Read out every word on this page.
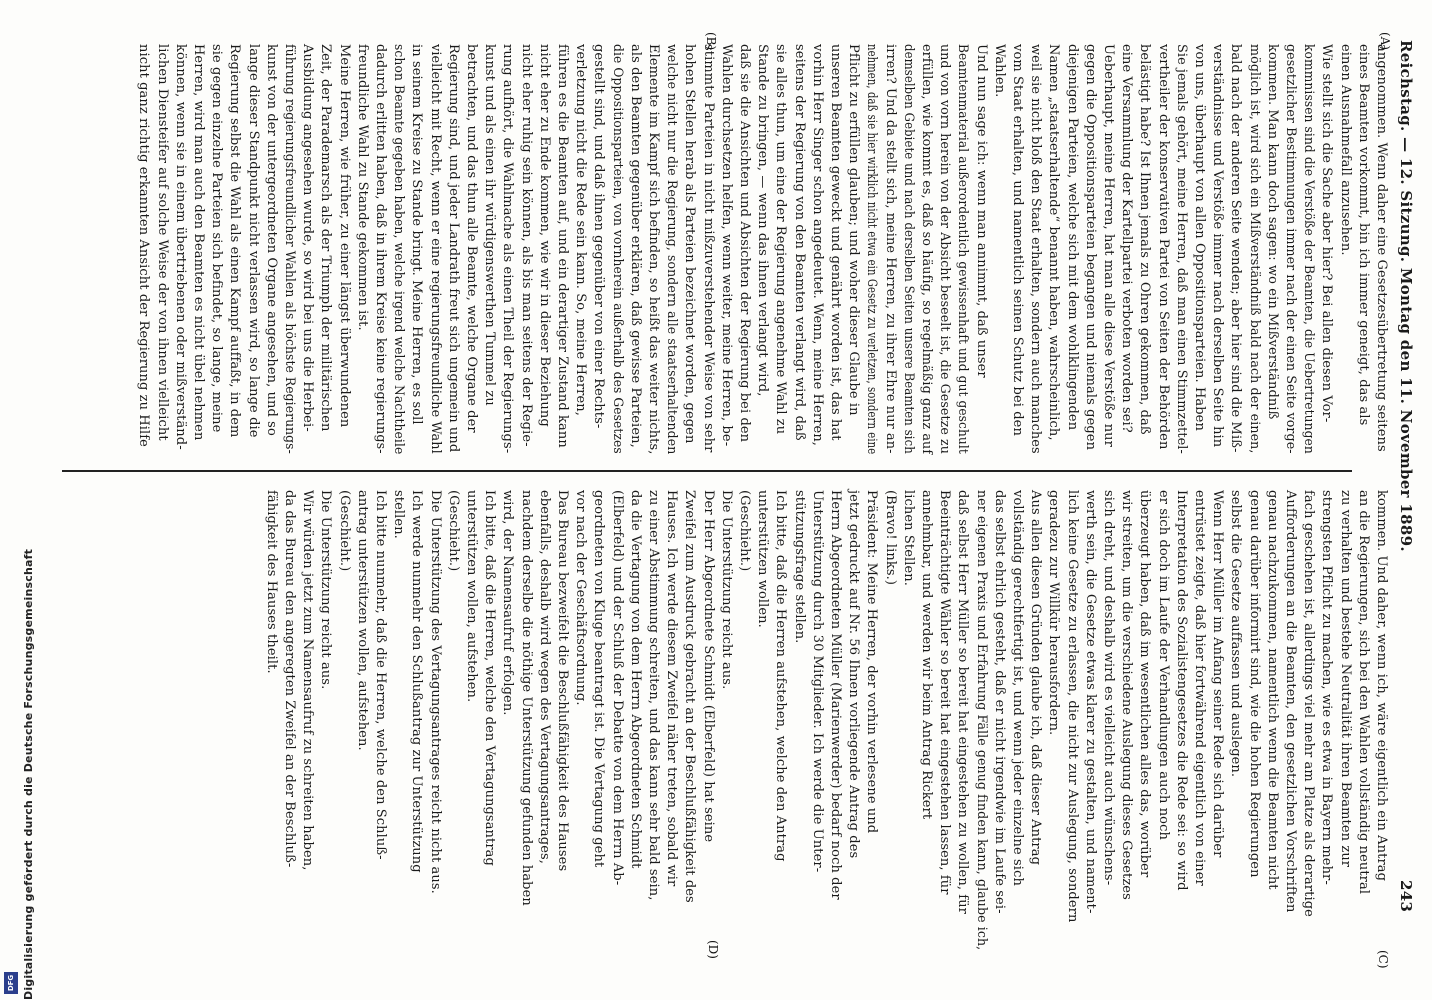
Reichstag. — 12. Sitzung. Montag den 11. November 1889.
243
(A)
(B)
(C)
(D)
angenommen. Wenn daher eine Gesetzesübertretung seitens
eines Beamten vorkommt, bin ich immer geneigt, das als
einen Ausnahmefall anzusehen.
Wie stellt sich die Sache aber hier? Bei allen diesen Vor-
kommnissen sind die Verstöße der Beamten, die Uebertretungen
gesetzlicher Bestimmungen immer nach der einen Seite vorge-
kommen. Man kann doch sagen: wo ein Mißverständniß
möglich ist, wird sich ein Mißverständniß bald nach der einen,
bald nach der anderen Seite wenden; aber hier sind die Miß-
verständnisse und Verstöße immer nach derselben Seite hin
von uns, überhaupt von allen Oppositionsparteien. Haben
Sie jemals gehört, meine Herren, daß man einen Stimmzettel-
vertheiler der konservativen Partei von Seiten der Behörden
belästigt habe? Ist Ihnen jemals zu Ohren gekommen, daß
eine Versammlung der Kartellpartei verboten worden sei?
Ueberhaupt, meine Herren, hat man alle diese Verstöße nur
gegen die Oppositionsparteien begangen und niemals gegen
diejenigen Parteien, welche sich mit dem wohlklingenden
Namen „staatserhaltende“ benannt haben, wahrscheinlich,
weil sie nicht bloß den Staat erhalten, sondern auch manches
vom Staat erhalten, und namentlich seinen Schutz bei den
Wahlen.
Und nun sage ich: wenn man annimmt, daß unser
Beamtenmaterial außerordentlich gewissenhaft und gut geschult
und von vorn herein von der Absicht beseelt ist, die Gesetze zu
erfüllen, wie kommt es, daß so häufig, so regelmäßig ganz auf
demselben Gebiete und nach derselben Seiten unsere Beamten sich
irren? Und da stellt sich, meine Herren, zu ihrer Ehre nur an-
nehmen, daß sie hier wirklich nicht etwa ein Gesetz zu verletzen, sondern eine
Pflicht zu erfüllen glauben; und woher dieser Glaube in
unseren Beamten geweckt und genährt worden ist, das hat
vorhin Herr Singer schon angedeutet. Wenn, meine Herren,
seitens der Regierung von den Beamten verlangt wird, daß
sie alles thun, um eine der Regierung angenehme Wahl zu
Stande zu bringen, — wenn das ihnen verlangt wird,
daß sie die Ansichten und Absichten der Regierung bei den
Wahlen durchsetzen helfen, wenn weiter, meine Herren, be-
stimmte Parteien in nicht mißzuverstehender Weise von sehr
hohen Stellen herab als Parteien bezeichnet worden, gegen
welche nicht nur die Regierung, sondern alle staatserhaltenden
Elemente im Kampf sich befinden, so heißt das weiter nichts,
als den Beamten gegenüber erklären, daß gewisse Parteien,
die Oppositionsparteien, von vornherein außerhalb des Gesetzes
gestellt sind, und daß ihnen gegenüber von einer Rechts-
verletzung nicht die Rede sein kann. So, meine Herren,
führen es die Beamten auf, und ein derartiger Zustand kann
nicht eher zu Ende kommen, wie wir in dieser Beziehung
nicht eher ruhig sein können, als bis man seitens der Regie-
rung aufhört, die Wahlmache als einen Theil der Regierungs-
kunst und als einen ihr würdigenswerthen Tummel zu
betrachten, und das thun alle Beamte, welche Organe der
Regierung sind, und jeder Landrath freut sich ungemein und
vielleicht mit Recht, wenn er eine regierungsfreundliche Wahl
in seinem Kreise zu Stande bringt. Meine Herren, es soll
schon Beamte gegeben haben, welche irgend welche Nachtheile
dadurch erlitten haben, daß in ihrem Kreise keine regierungs-
freundliche Wahl zu Stande gekommen ist.
Meine Herren, wie früher, zu einer längst überwundenen
Zeit, der Parademarsch als der Triumph der militärischen
Ausbildung angesehen wurde, so wird bei uns die Herbei-
führung regierungsfreundlicher Wahlen als höchste Regierungs-
kunst von der untergeordneten Organe angesehen, und so
lange dieser Standpunkt nicht verlassen wird, so lange die
Regierung selbst die Wahl als einen Kampf auffaßt, in dem
sie gegen einzelne Parteien sich befindet, so lange, meine
Herren, wird man auch den Beamten es nicht übel nehmen
können, wenn sie in einem übertriebenen oder mißverständ-
lichen Diensteifer auf solche Weise der von ihnen vielleicht
nicht ganz richtig erkannten Ansicht der Regierung zu Hilfe
kommen. Und daher, wenn ich, wäre eigentlich ein Antrag
an die Regierungen, sich bei den Wahlen vollständig neutral
zu verhalten und bestehe Neutralität ihren Beamten zur
strengsten Pflicht zu machen, wie es etwa in Bayern mehr-
fach geschehen ist, allerdings viel mehr am Platze als derartige
Aufforderungen an die Beamten, den gesetzlichen Vorschriften
genau nachzukommen, namentlich wenn die Beamten nicht
genau darüber informirt sind, wie die hohen Regierungen
selbst die Gesetze auffassen und auslegen.
Wenn Herr Müller im Anfang seiner Rede sich darüber
entrüstet zeigte, daß hier fortwährend eigentlich von einer
Interpretation des Sozialistengesetzes die Rede sei: so wird
er sich doch im Laufe der Verhandlungen auch noch
überzeugt haben, daß im wesentlichen alles das, worüber
wir streiten, um die verschiedene Auslegung dieses Gesetzes
sich dreht, und deshalb wird es vielleicht auch wünschens-
werth sein, die Gesetze etwas klarer zu gestalten, und nament-
lich keine Gesetze zu erlassen, die nicht zur Auslegung, sondern
geradezu zur Willkür herausfordern.
Aus allen diesen Gründen glaube ich, daß dieser Antrag
vollständig gerechtfertigt ist, und wenn jeder einzelne sich
das selbst ehrlich gesteht, daß er nicht irgendwie im Laufe sei-
ner eigenen Praxis und Erfahrung Fälle genug finden kann, glaube ich,
daß selbst Herr Müller so bereit hat eingestehen zu wollen, für
Beeinträchtigte Wähler so bereit hat eingestehen lassen, für
annehmbar, und werden wir beim Antrag Rickert
lichen Stellen.
(Bravo! links.)
Präsident: Meine Herren, der vorhin verlesene und
jetzt gedruckt auf Nr. 56 Ihnen vorliegende Antrag des
Herrn Abgeordneten Müller (Marienwerder) bedarf noch der
Unterstützung durch 30 Mitglieder. Ich werde die Unter-
stützungsfrage stellen.
Ich bitte, daß die Herren aufstehen, welche den Antrag
unterstützen wollen.
(Geschieht.)
Die Unterstützung reicht aus.
Der Herr Abgeordnete Schmidt (Elberfeld) hat seine
Zweifel zum Ausdruck gebracht an der Beschlußfähigkeit des
Hauses. Ich werde diesem Zweifel näher treten, sobald wir
zu einer Abstimmung schreiten, und das kann sehr bald sein,
da die Vertagung von dem Herrn Abgeordneten Schmidt
(Elberfeld) und der Schluß der Debatte von dem Herrn Ab-
geordneten von Kluge beantragt ist. Die Vertagung geht
vor nach der Geschäftsordnung.
Das Bureau bezweifelt die Beschlußfähigkeit des Hauses
ebenfalls, deshalb wird wegen des Vertagungsantrages,
nachdem derselbe die nöthige Unterstützung gefunden haben
wird, der Namensaufruf erfolgen.
Ich bitte, daß die Herren, welche den Vertagungsantrag
unterstützen wollen, aufstehen.
(Geschieht.)
Die Unterstützung des Vertagungsantrages reicht nicht aus.
Ich werde nunmehr den Schlußantrag zur Unterstützung
stellen.
Ich bitte nunmehr, daß die Herren, welche den Schluß-
antrag unterstützen wollen, aufstehen.
(Geschieht.)
Die Unterstützung reicht aus.
Wir würden jetzt zum Namensaufruf zu schreiten haben,
da das Bureau den angeregten Zweifel an der Beschluß-
fähigkeit des Hauses theilt.
Digitalisierung gefördert durch die Deutsche Forschungsgemeinschaft
DFG
